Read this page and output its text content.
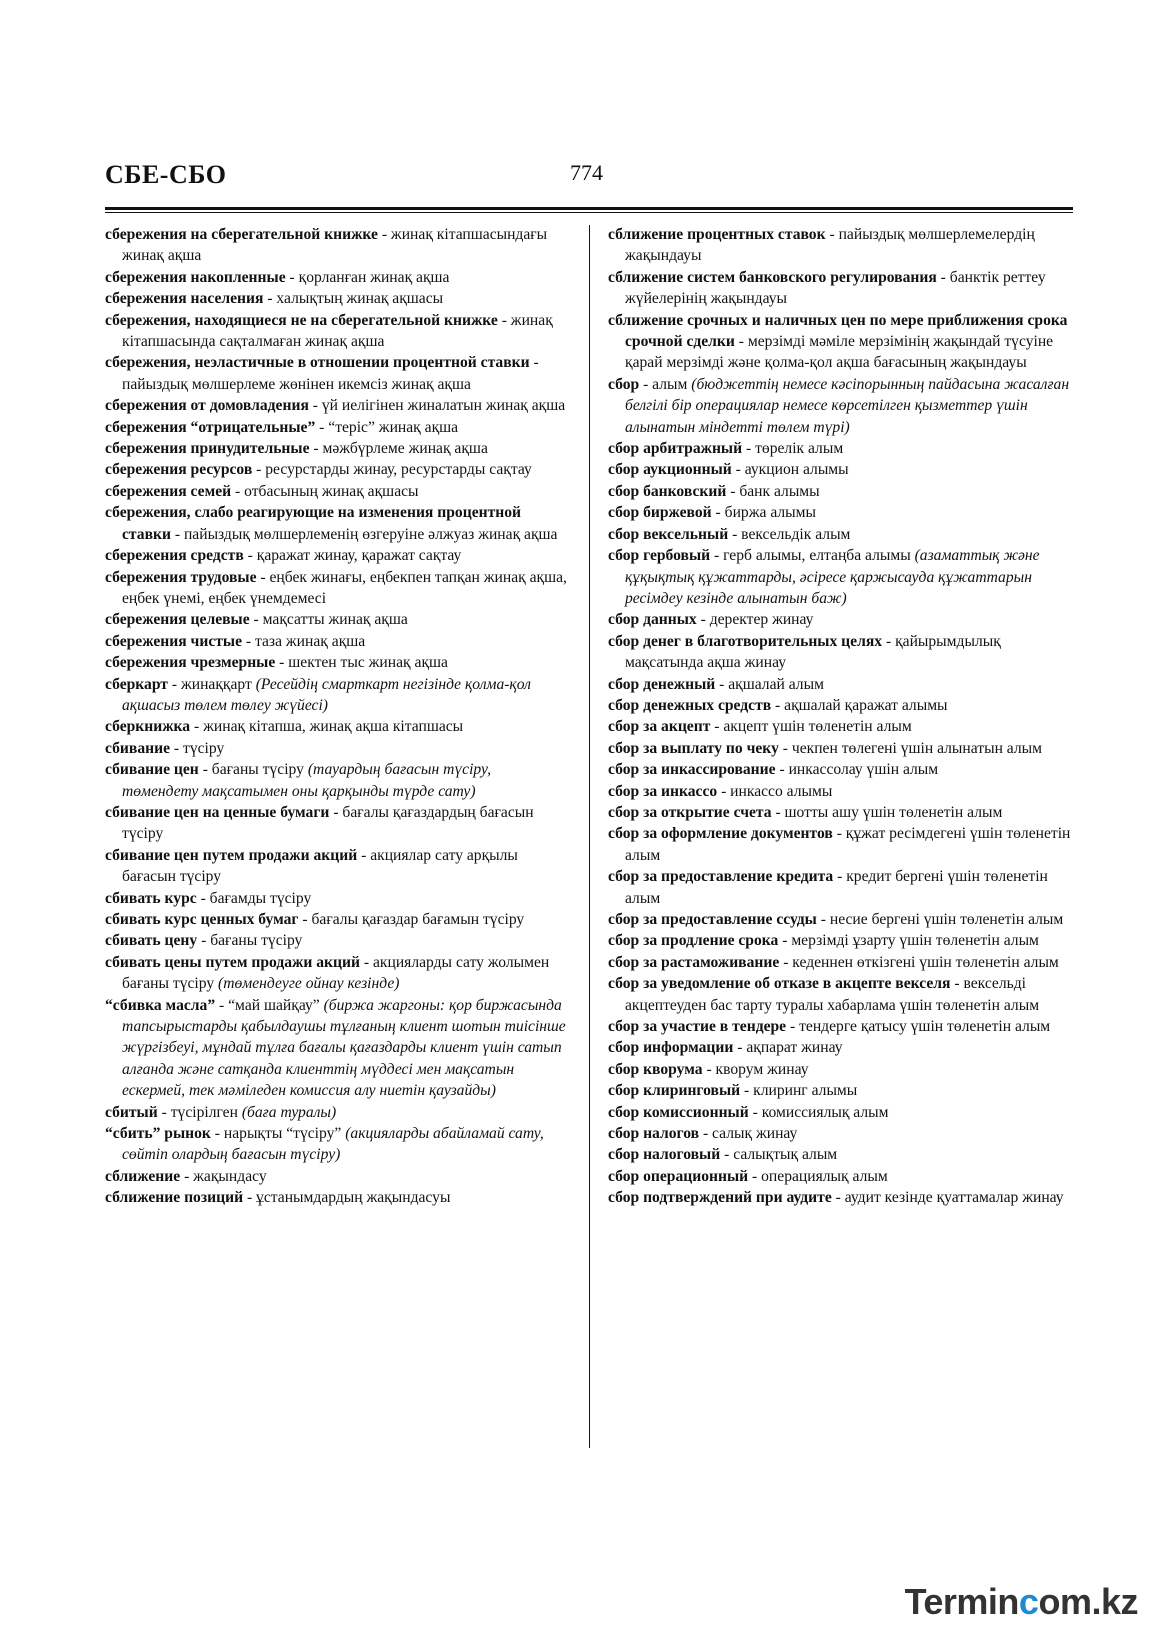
СБЕ-СБО	774
сбережения на сберегательной книжке - жинақ кітапшасындағы жинақ ақша
сбережения накопленные - қорланған жинақ ақша
сбережения населения - халықтың жинақ ақшасы
сбережения, находящиеся не на сберегательной книжке - жинақ кітапшасында сақталмаған жинақ ақша
сбережения, неэластичные в отношении процентной ставки - пайыздық мөлшерлеме жөнінен икемсіз жинақ ақша
сбережения от домовладения - үй иелігінен жиналатын жинақ ақша
сбережения “отрицательные” - “теріс” жинақ ақша
сбережения принудительные - мәжбүрлеме жинақ ақша
сбережения ресурсов - ресурстарды жинау, ресурстарды сақтау
сбережения семей - отбасының жинақ ақшасы
сбережения, слабо реагирующие на изменения процентной ставки - пайыздық мөлшерлеменің өзгеруіне әлжуаз жинақ ақша
сбережения средств - қаражат жинау, қаражат сақтау
сбережения трудовые - еңбек жинағы, еңбекпен тапқан жинақ ақша, еңбек үнемі, еңбек үнемдемесі
сбережения целевые - мақсатты жинақ ақша
сбережения чистые - таза жинақ ақша
сбережения чрезмерные - шектен тыс жинақ ақша
сберкарт - жинаққарт (Ресейдің смарткарт негізінде қолма-қол ақшасыз төлем төлеу жүйесі)
сберкнижка - жинақ кітапша, жинақ ақша кітапшасы
сбивание - түсіру
сбивание цен - бағаны түсіру (тауардың бағасын түсіру, төмендету мақсатымен оны қарқынды түрде сату)
сбивание цен на ценные бумаги - бағалы қағаздардың бағасын түсіру
сбивание цен путем продажи акций - акциялар сату арқылы бағасын түсіру
сбивать курс - бағамды түсіру
сбивать курс ценных бумаг - бағалы қағаздар бағамын түсіру
сбивать цену - бағаны түсіру
сбивать цены путем продажи акций - акцияларды сату жолымен бағаны түсіру (төмендеуге ойнау кезінде)
“сбивка масла” - “май шайқау” (биржа жаргоны: қор биржасында тапсырыстарды қабылдаушы тұлғаның клиент шотын тиісінше жүргізбеуі, мұндай тұлға бағалы қағаздарды клиент үшін сатып алғанда және сатқанда клиенттің мүддесі мен мақсатын ескермей, тек мәміледен комиссия алу ниетін қаузайды)
сбитый - түсірілген (баға туралы)
“сбить” рынок - нарықты “түсіру” (акцияларды абайламай сату, сөйтіп олардың бағасын түсіру)
сближение - жақындасу
сближение позиций - ұстанымдардың жақындасуы
сближение процентных ставок - пайыздық мөлшерлемелердің жақындауы
сближение систем банковского регулирования - банктік реттеу жүйелерінің жақындауы
сближение срочных и наличных цен по мере приближения срока срочной сделки - мерзімді мәміле мерзімінің жақындай түсуіне қарай мерзімді және қолма-қол ақша бағасының жақындауы
сбор - алым (бюджеттің немесе кәсіпорынның пайдасына жасалған белгілі бір операциялар немесе көрсетілген қызметтер үшін алынатын міндетті төлем түрі)
сбор арбитражный - төрелік алым
сбор аукционный - аукцион алымы
сбор банковский - банк алымы
сбор биржевой - биржа алымы
сбор вексельный - вексельдік алым
сбор гербовый - герб алымы, елтаңба алымы (азаматтық және құқықтық құжаттарды, әсіресе қаржысауда құжаттарын ресімдеу кезінде алынатын баж)
сбор данных - деректер жинау
сбор денег в благотворительных целях - қайырымдылық мақсатында ақша жинау
сбор денежный - ақшалай алым
сбор денежных средств - ақшалай қаражат алымы
сбор за акцепт - акцепт үшін төленетін алым
сбор за выплату по чеку - чекпен төлегені үшін алынатын алым
сбор за инкассирование - инкассолау үшін алым
сбор за инкассо - инкассо алымы
сбор за открытие счета - шотты ашу үшін төленетін алым
сбор за оформление документов - құжат ресімдегені үшін төленетін алым
сбор за предоставление кредита - кредит бергені үшін төленетін алым
сбор за предоставление ссуды - несие бергені үшін төленетін алым
сбор за продление срока - мерзімді ұзарту үшін төленетін алым
сбор за растаможивание - кеденнен өткізгені үшін төленетін алым
сбор за уведомление об отказе в акцепте векселя - вексельді акцептеуден бас тарту туралы хабарлама үшін төленетін алым
сбор за участие в тендере - тендерге қатысу үшін төленетін алым
сбор информации - ақпарат жинау
сбор кворума - кворум жинау
сбор клиринговый - клиринг алымы
сбор комиссионный - комиссиялық алым
сбор налогов - салық жинау
сбор налоговый - салықтық алым
сбор операционный - операциялық алым
сбор подтверждений при аудите - аудит кезінде қуаттамалар жинау
Termincom.kz
